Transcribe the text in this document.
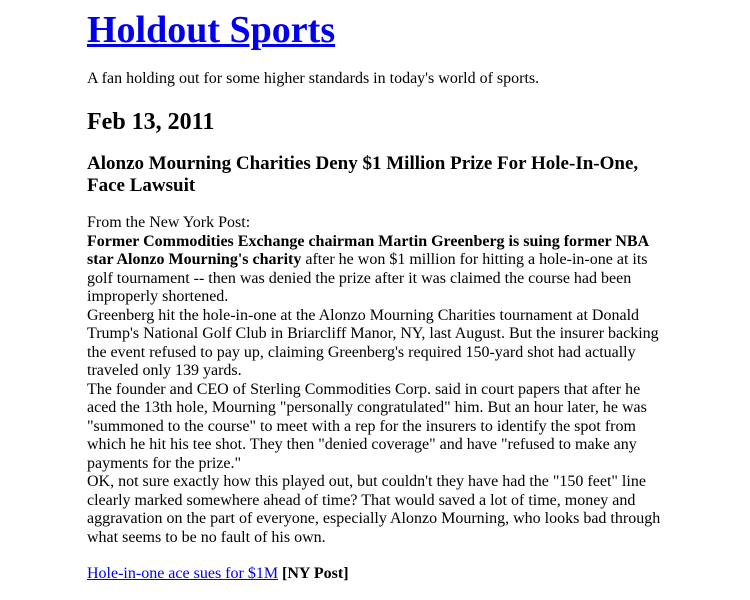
Holdout Sports

A fan holding out for some higher standards in today's world of sports.

Feb 13, 2011
Alonzo Mourning Charities Deny $1 Million Prize For Hole-In-One, Face Lawsuit

From the New York Post:

Former Commodities Exchange chairman Martin Greenberg is suing former NBA star Alonzo Mourning's charity after he won $1 million for hitting a hole-in-one at its golf tournament -- then was denied the prize after it was claimed the course had been improperly shortened.

Greenberg hit the hole-in-one at the Alonzo Mourning Charities tournament at Donald Trump's National Golf Club in Briarcliff Manor, NY, last August. But the insurer backing the event refused to pay up, claiming Greenberg's required 150-yard shot had actually traveled only 139 yards.

The founder and CEO of Sterling Commodities Corp. said in court papers that after he aced the 13th hole, Mourning "personally congratulated" him. But an hour later, he was "summoned to the course" to meet with a rep for the insurers to identify the spot from which he hit his tee shot. They then "denied coverage" and have "refused to make any payments for the prize."

OK, not sure exactly how this played out, but couldn't they have had the "150 feet" line clearly marked somewhere ahead of time? That would saved a lot of time, money and aggravation on the part of everyone, especially Alonzo Mourning, who looks bad through what seems to be no fault of his own.

Hole-in-one ace sues for $1M [NY Post]
